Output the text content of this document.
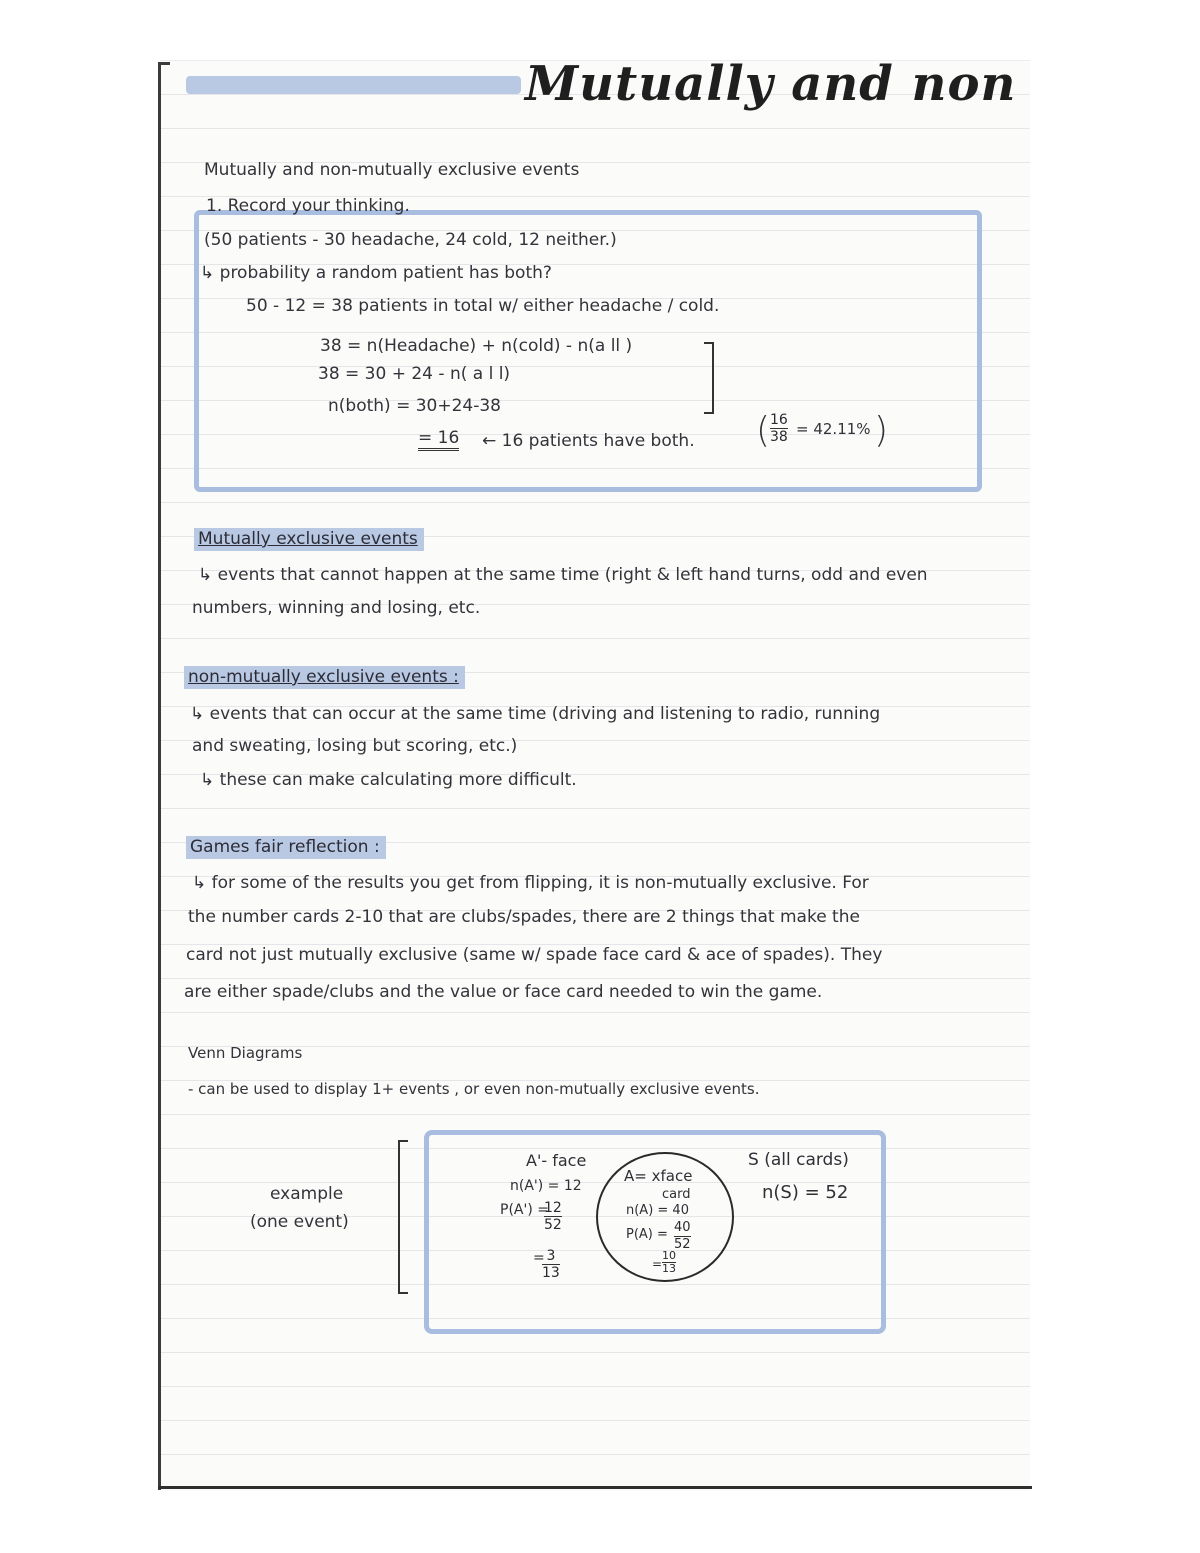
Mutually and non
Mutually and non-mutually exclusive events
1. Record your thinking.
(50 patients - 30 headache, 24 cold, 12 neither.)
↳ probability a random patient has both?
50 - 12 = 38 patients in total w/ either headache / cold.
38 = n(Headache) + n(cold) - n(a ll )
38 = 30 + 24 - n( a l l)
n(both) = 30+24-38
= 16 ← 16 patients have both. ( $\frac{16}{38} = 42.11\%$ )
Mutually exclusive events
↳ events that cannot happen at the same time (right & left hand turns, odd and even
numbers, winning and losing, etc.
non-mutually exclusive events :
↳ events that can occur at the same time (driving and listening to radio, running
and sweating, losing but scoring, etc.)
↳ these can make calculating more difficult.
Games fair reflection :
↳ for some of the results you get from flipping, it is non-mutually exclusive. For
the number cards 2-10 that are clubs/spades, there are 2 things that make the
card not just mutually exclusive (same w/ spade face card & ace of spades). They
are either spade/clubs and the value or face card needed to win the game.
Venn Diagrams
- can be used to display 1+ events , or even non-mutually exclusive events.
example
(one event)
A'- face
n(A') = 12
P(A') =
$\frac{12}{52}$
=
$\frac{3}{13}$
A= xface
card
n(A) = 40
$P(A) = \frac{40}{52}$
= $\frac{10}{13}$
S (all cards)
n(S) = 52
